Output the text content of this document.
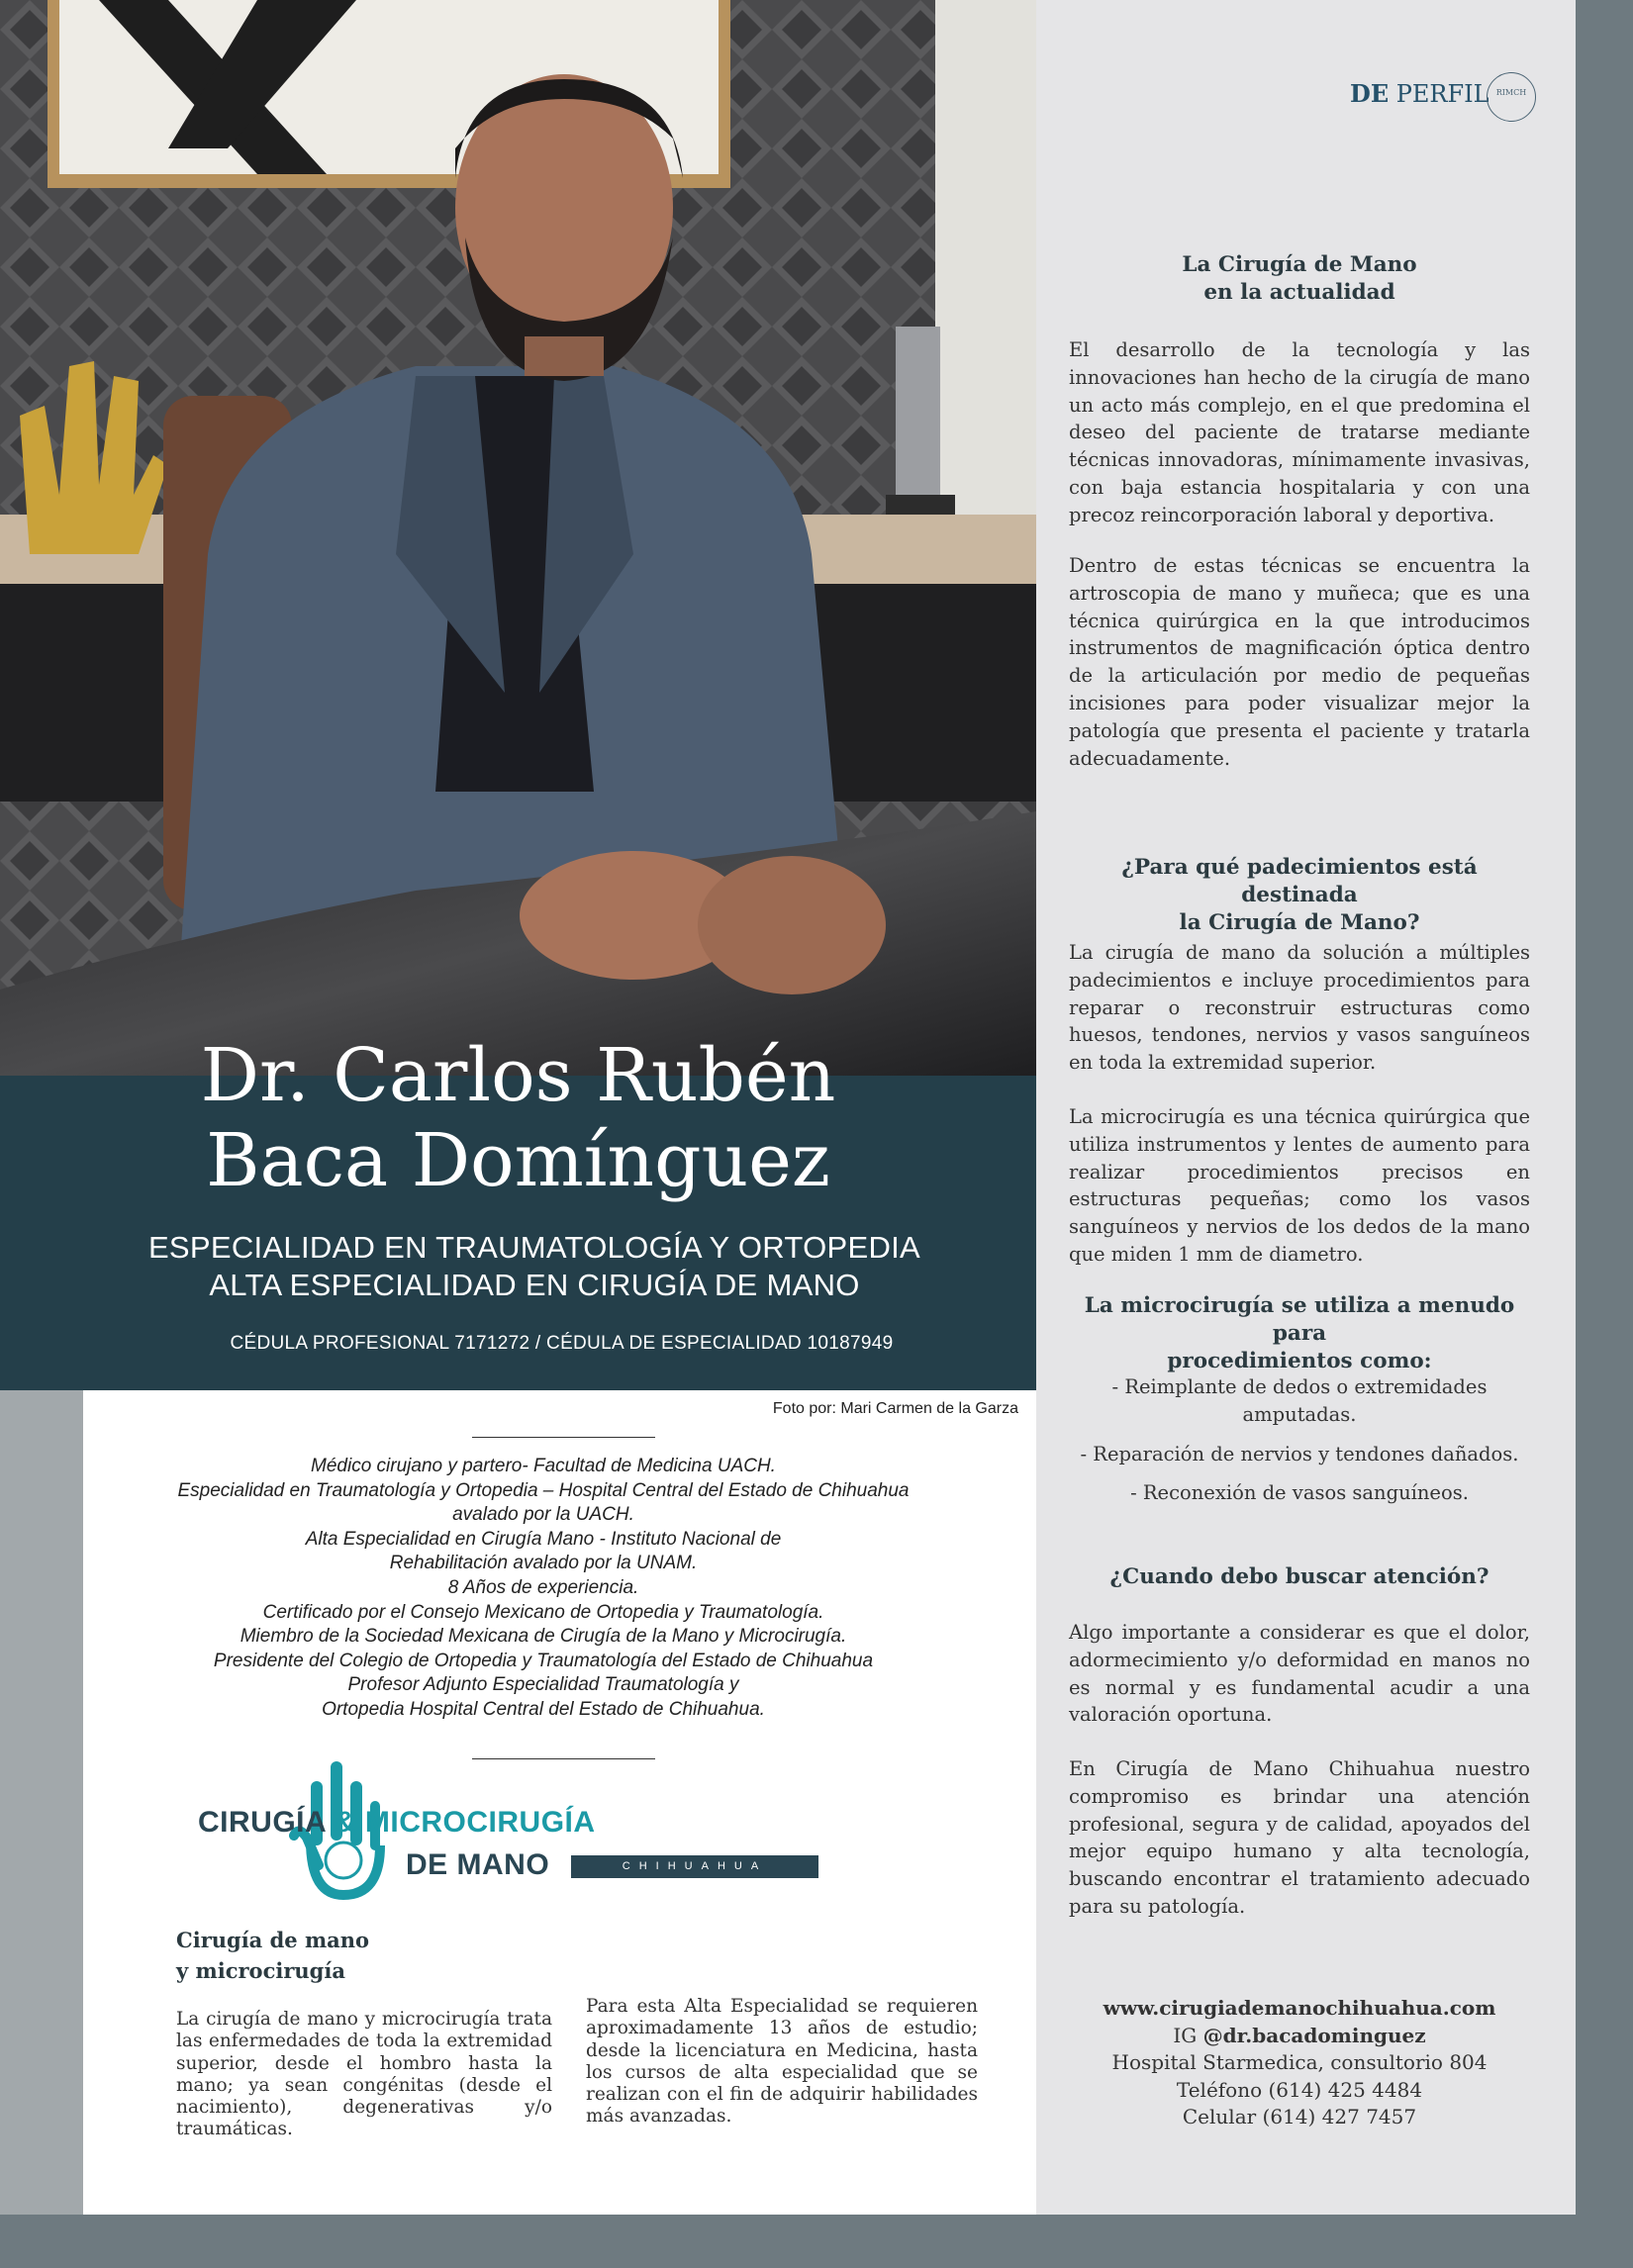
Dr. Carlos Rubén
Baca Domínguez
ESPECIALIDAD EN TRAUMATOLOGÍA Y ORTOPEDIA
ALTA ESPECIALIDAD EN CIRUGÍA DE MANO
CÉDULA PROFESIONAL 7171272 / CÉDULA DE ESPECIALIDAD 10187949
Foto por: Mari Carmen de la Garza
Médico cirujano y partero- Facultad de Medicina UACH.
Especialidad en Traumatología y Ortopedia – Hospital Central del Estado de Chihuahua
avalado por la UACH.
Alta Especialidad en Cirugía Mano - Instituto Nacional de
Rehabilitación avalado por la UNAM.
8 Años de experiencia.
Certificado por el Consejo Mexicano de Ortopedia y Traumatología.
Miembro de la Sociedad Mexicana de Cirugía de la Mano y Microcirugía.
Presidente del Colegio de Ortopedia y Traumatología del Estado de Chihuahua
Profesor Adjunto Especialidad Traumatología y
Ortopedia Hospital Central del Estado de Chihuahua.
CIRUGÍA & MICROCIRUGÍA
DE MANO	CHIHUAHUA
Cirugía de mano
y microcirugía
La cirugía de mano y microcirugía trata las enfermedades de toda la extremidad superior, desde el hombro hasta la mano; ya sean congénitas (desde el nacimiento), degenerativas y/o traumáticas.
Para esta Alta Especialidad se requieren aproximadamente 13 años de estudio; desde la licenciatura en Medicina, hasta los cursos de alta especialidad que se realizan con el fin de adquirir habilidades más avanzadas.
DE PERFIL RIMCH
La Cirugía de Mano
en la actualidad
El desarrollo de la tecnología y las innovaciones han hecho de la cirugía de mano un acto más complejo, en el que predomina el deseo del paciente de tratarse mediante técnicas innovadoras, mínimamente invasivas, con baja estancia hospitalaria y con una precoz reincorporación laboral y deportiva.
Dentro de estas técnicas se encuentra la artroscopia de mano y muñeca; que es una técnica quirúrgica en la que introducimos instrumentos de magnificación óptica dentro de la articulación por medio de pequeñas incisiones para poder visualizar mejor la patología que presenta el paciente y tratarla adecuadamente.
¿Para qué padecimientos está destinada
la Cirugía de Mano?
La cirugía de mano da solución a múltiples padecimientos e incluye procedimientos para reparar o reconstruir estructuras como huesos, tendones, nervios y vasos sanguíneos en toda la extremidad superior.
La microcirugía es una técnica quirúrgica que utiliza instrumentos y lentes de aumento para realizar procedimientos precisos en estructuras pequeñas; como los vasos sanguíneos y nervios de los dedos de la mano que miden 1 mm de diametro.
La microcirugía se utiliza a menudo para
procedimientos como:
- Reimplante de dedos o extremidades
amputadas.
- Reparación de nervios y tendones dañados.
- Reconexión de vasos sanguíneos.
¿Cuando debo buscar atención?
Algo importante a considerar es que el dolor, adormecimiento y/o deformidad en manos no es normal y es fundamental acudir a una valoración oportuna.
En Cirugía de Mano Chihuahua nuestro compromiso es brindar una atención profesional, segura y de calidad, apoyados del mejor equipo humano y alta tecnología, buscando encontrar el tratamiento adecuado para su patología.
www.cirugiademanochihuahua.com
IG @dr.bacadominguez
Hospital Starmedica, consultorio 804
Teléfono (614) 425 4484
Celular (614) 427 7457
